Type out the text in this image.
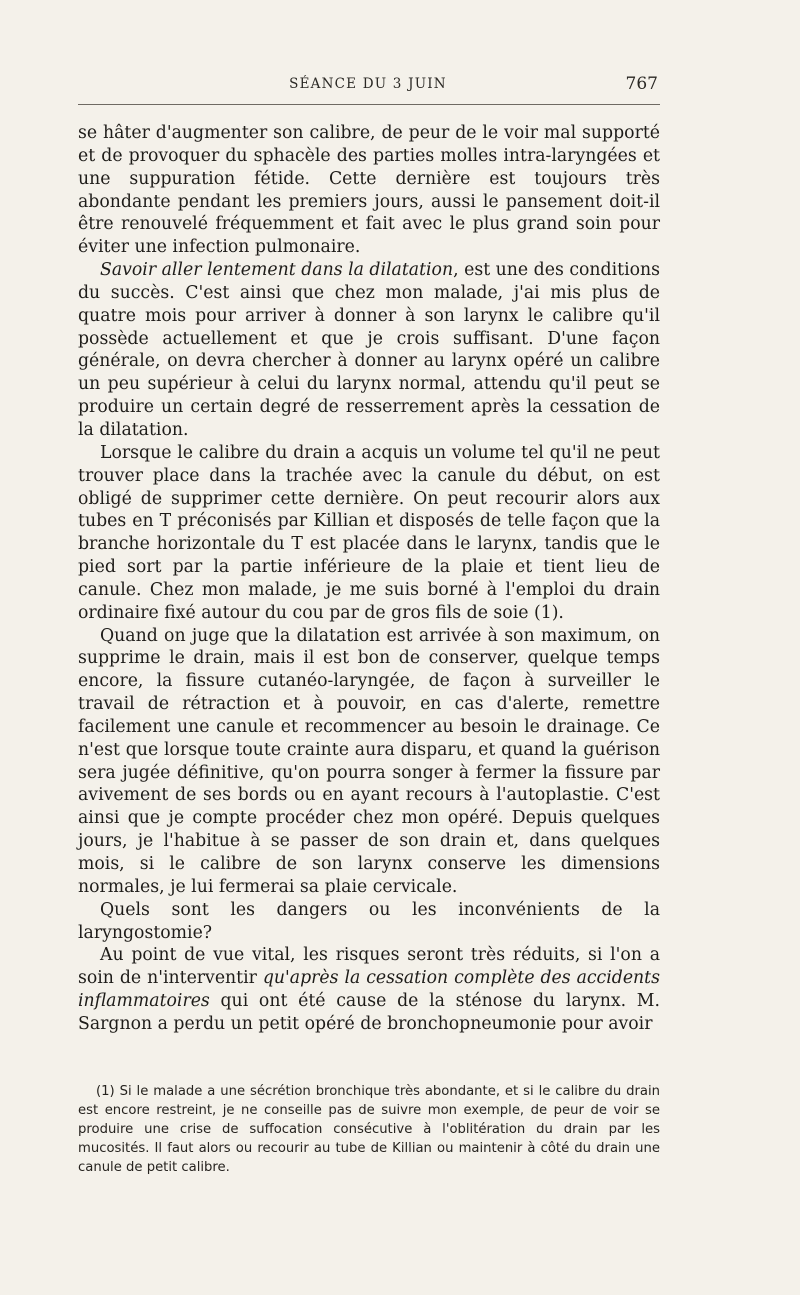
SÉANCE DU 3 JUIN	767

se hâter d'augmenter son calibre, de peur de le voir mal supporté et de provoquer du sphacèle des parties molles intra-laryngées et une suppuration fétide. Cette dernière est toujours très abondante pendant les premiers jours, aussi le pansement doit-il être renouvelé fréquemment et fait avec le plus grand soin pour éviter une infection pulmonaire.

Savoir aller lentement dans la dilatation, est une des conditions du succès. C'est ainsi que chez mon malade, j'ai mis plus de quatre mois pour arriver à donner à son larynx le calibre qu'il possède actuellement et que je crois suffisant. D'une façon générale, on devra chercher à donner au larynx opéré un calibre un peu supérieur à celui du larynx normal, attendu qu'il peut se produire un certain degré de resserrement après la cessation de la dilatation.

Lorsque le calibre du drain a acquis un volume tel qu'il ne peut trouver place dans la trachée avec la canule du début, on est obligé de supprimer cette dernière. On peut recourir alors aux tubes en T préconisés par Killian et disposés de telle façon que la branche horizontale du T est placée dans le larynx, tandis que le pied sort par la partie inférieure de la plaie et tient lieu de canule. Chez mon malade, je me suis borné à l'emploi du drain ordinaire fixé autour du cou par de gros fils de soie (1).

Quand on juge que la dilatation est arrivée à son maximum, on supprime le drain, mais il est bon de conserver, quelque temps encore, la fissure cutanéo-laryngée, de façon à surveiller le travail de rétraction et à pouvoir, en cas d'alerte, remettre facilement une canule et recommencer au besoin le drainage. Ce n'est que lorsque toute crainte aura disparu, et quand la guérison sera jugée définitive, qu'on pourra songer à fermer la fissure par avivement de ses bords ou en ayant recours à l'autoplastie. C'est ainsi que je compte procéder chez mon opéré. Depuis quelques jours, je l'habitue à se passer de son drain et, dans quelques mois, si le calibre de son larynx conserve les dimensions normales, je lui fermerai sa plaie cervicale.

Quels sont les dangers ou les inconvénients de la laryngostomie?

Au point de vue vital, les risques seront très réduits, si l'on a soin de n'interventir qu'après la cessation complète des accidents inflammatoires qui ont été cause de la sténose du larynx. M. Sargnon a perdu un petit opéré de bronchopneumonie pour avoir

(1) Si le malade a une sécrétion bronchique très abondante, et si le calibre du drain est encore restreint, je ne conseille pas de suivre mon exemple, de peur de voir se produire une crise de suffocation consécutive à l'oblitération du drain par les mucosités. Il faut alors ou recourir au tube de Killian ou maintenir à côté du drain une canule de petit calibre.
